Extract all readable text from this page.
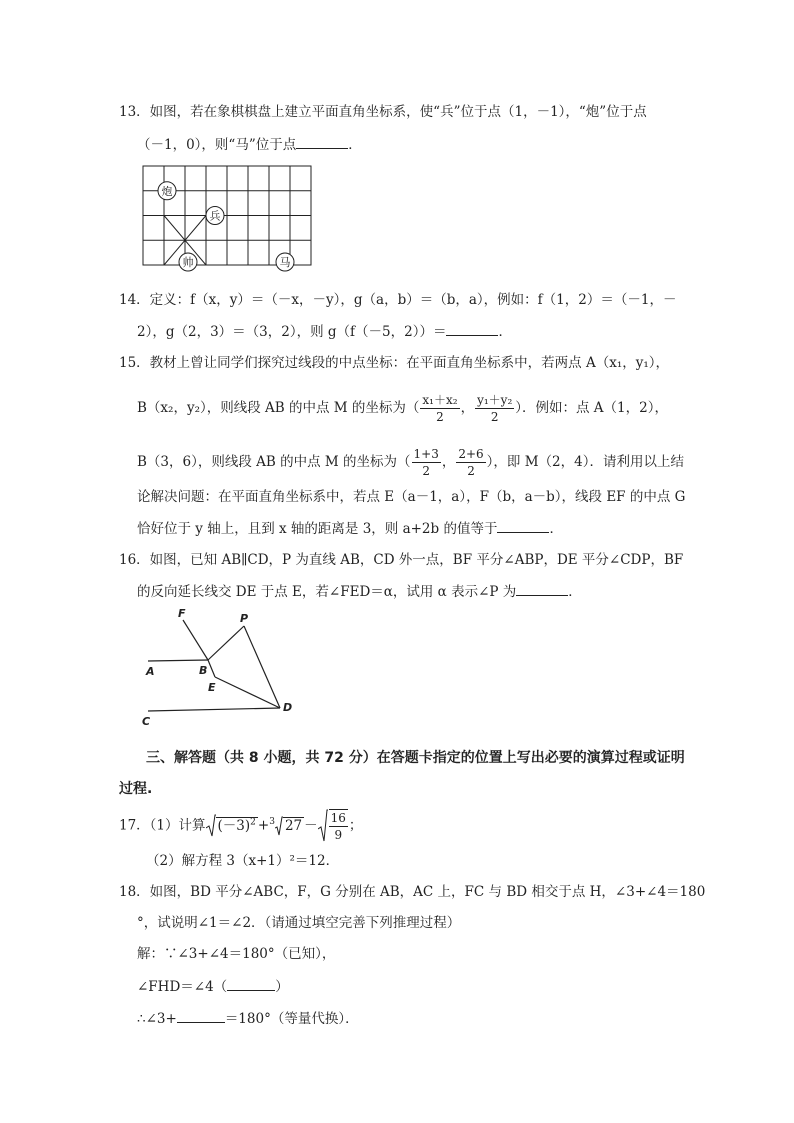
13．如图，若在象棋棋盘上建立平面直角坐标系，使“兵”位于点（1，－1），“炮”位于点
（－1，0），则“马”位于点	．
炮
兵
帅	马
14．定义：f（x，y）＝（－x，－y），g（a，b）＝（b，a），例如：f（1，2）＝（－1，－
2），g（2，3）＝（3，2），则 g（f（－5，2））＝	．
15．教材上曾让同学们探究过线段的中点坐标：在平面直角坐标系中，若两点 A（x₁，y₁），
B（x₂，y₂），则线段 AB 的中点 M 的坐标为（ $\frac{\text{x₁＋x₂}}{2}$ ， $\frac{\text{y₁＋y₂}}{2}$ ）．例如：点 A（1，2），
B（3，6），则线段 AB 的中点 M 的坐标为（ $\frac{1+3}{2}$ ， $\frac{2+6}{2}$ ），即 M（2，4）．请利用以上结
论解决问题：在平面直角坐标系中，若点 E（a－1，a），F（b，a－b），线段 EF 的中点 G
恰好位于 y 轴上，且到 x 轴的距离是 3，则 a+2b 的值等于	．
16．如图，已知 AB∥CD，P 为直线 AB，CD 外一点，BF 平分∠ABP，DE 平分∠CDP，BF
的反向延长线交 DE 于点 E，若∠FED＝α，试用 α 表示∠P 为	．
F	P
A	B
E
C
D
三、解答题（共 8 小题，共 72 分）在答题卡指定的位置上写出必要的演算过程或证明
过程.
17．（1）计算 $(-3)^2 +^3$ $27 - \frac{16}{9}$ ；
（2）解方程 3（x+1）²＝12．
18．如图，BD 平分∠ABC，F，G 分别在 AB，AC 上，FC 与 BD 相交于点 H，∠3+∠4＝180
°，试说明∠1＝∠2．（请通过填空完善下列推理过程）
解：∵∠3+∠4＝180°（已知），
∠FHD＝∠4（	）
∴∠3+	＝180°（等量代换）．
